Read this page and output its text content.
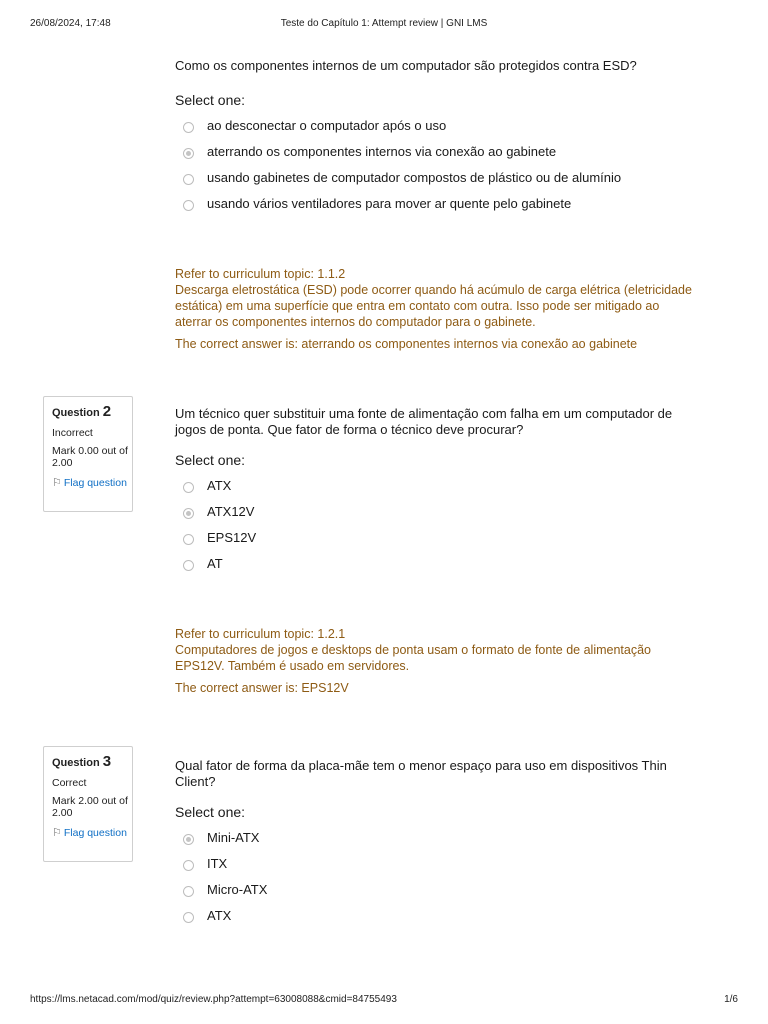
26/08/2024, 17:48	Teste do Capítulo 1: Attempt review | GNI LMS
Como os componentes internos de um computador são protegidos contra ESD?
Select one:
ao desconectar o computador após o uso
aterrando os componentes internos via conexão ao gabinete
usando gabinetes de computador compostos de plástico ou de alumínio
usando vários ventiladores para mover ar quente pelo gabinete
Refer to curriculum topic: 1.1.2
Descarga eletrostática (ESD) pode ocorrer quando há acúmulo de carga elétrica (eletricidade estática) em uma superfície que entra em contato com outra. Isso pode ser mitigado ao aterrar os componentes internos do computador para o gabinete.
The correct answer is: aterrando os componentes internos via conexão ao gabinete
Question 2
Incorrect
Mark 0.00 out of 2.00
⚐ Flag question
Um técnico quer substituir uma fonte de alimentação com falha em um computador de jogos de ponta. Que fator de forma o técnico deve procurar?
Select one:
ATX
ATX12V
EPS12V
AT
Refer to curriculum topic: 1.2.1
Computadores de jogos e desktops de ponta usam o formato de fonte de alimentação EPS12V. Também é usado em servidores.
The correct answer is: EPS12V
Question 3
Correct
Mark 2.00 out of 2.00
⚐ Flag question
Qual fator de forma da placa-mãe tem o menor espaço para uso em dispositivos Thin Client?
Select one:
Mini-ATX
ITX
Micro-ATX
ATX
https://lms.netacad.com/mod/quiz/review.php?attempt=63008088&cmid=84755493	1/6
